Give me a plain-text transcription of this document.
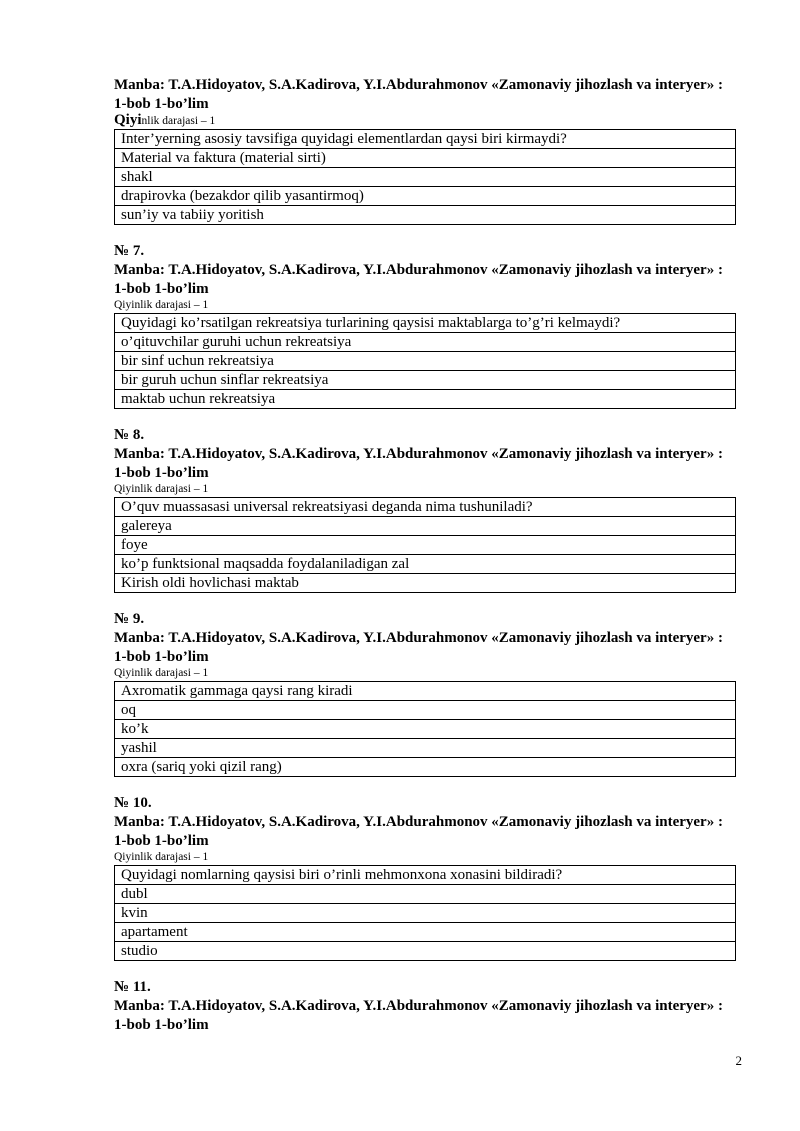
Manba: T.A.Hidoyatov, S.A.Kadirova, Y.I.Abdurahmonov «Zamonaviy jihozlash va interyer» : 1-bob 1-bo’lim
Qiyinlik darajasi – 1
Inter’yerning asosiy tavsifiga quyidagi elementlardan qaysi biri kirmaydi?
Material va faktura (material sirti)
shakl
drapirovka (bezakdor qilib yasantirmoq)
sun’iy va tabiiy yoritish
№ 7.
Manba: T.A.Hidoyatov, S.A.Kadirova, Y.I.Abdurahmonov «Zamonaviy jihozlash va interyer» : 1-bob 1-bo’lim
Qiyinlik darajasi – 1
Quyidagi ko’rsatilgan rekreatsiya turlarining qaysisi maktablarga to’g’ri kelmaydi?
o’qituvchilar guruhi uchun rekreatsiya
bir sinf uchun rekreatsiya
bir guruh uchun sinflar rekreatsiya
maktab uchun rekreatsiya
№ 8.
Manba: T.A.Hidoyatov, S.A.Kadirova, Y.I.Abdurahmonov «Zamonaviy jihozlash va interyer» : 1-bob 1-bo’lim
Qiyinlik darajasi – 1
O’quv muassasasi universal rekreatsiyasi deganda nima tushuniladi?
galereya
foye
ko’p funktsional maqsadda foydalaniladigan zal
Kirish oldi hovlichasi maktab
№ 9.
Manba: T.A.Hidoyatov, S.A.Kadirova, Y.I.Abdurahmonov «Zamonaviy jihozlash va interyer» : 1-bob 1-bo’lim
Qiyinlik darajasi – 1
Axromatik gammaga qaysi rang kiradi
oq
ko’k
yashil
oxra (sariq yoki qizil rang)
№ 10.
Manba: T.A.Hidoyatov, S.A.Kadirova, Y.I.Abdurahmonov «Zamonaviy jihozlash va interyer» : 1-bob 1-bo’lim
Qiyinlik darajasi – 1
Quyidagi nomlarning qaysisi biri o’rinli mehmonxona xonasini bildiradi?
dubl
kvin
apartament
studio
№ 11.
Manba: T.A.Hidoyatov, S.A.Kadirova, Y.I.Abdurahmonov «Zamonaviy jihozlash va interyer» : 1-bob 1-bo’lim
2
